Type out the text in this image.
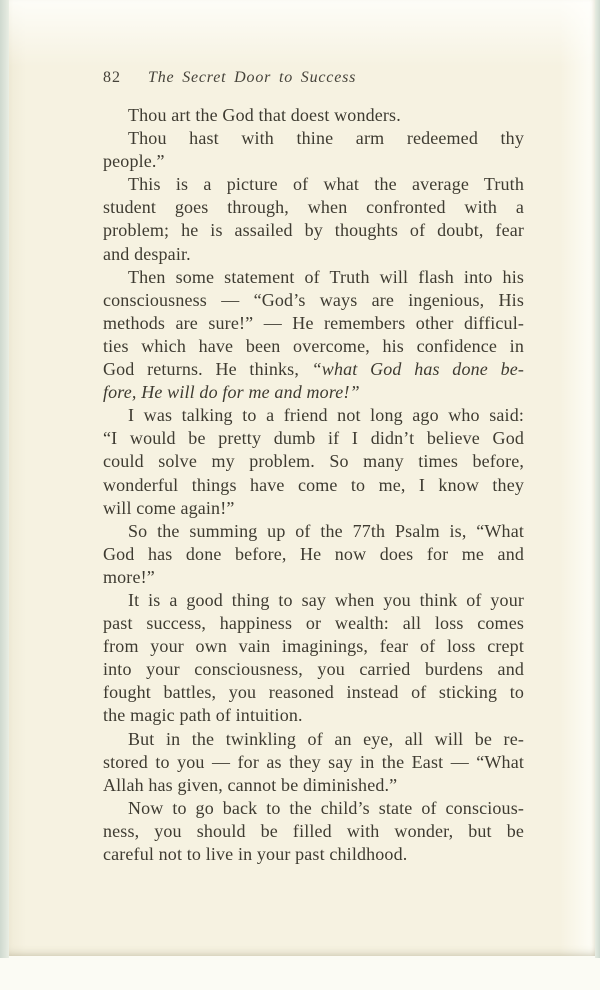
82 The Secret Door to Success
Thou art the God that doest wonders.
Thou hast with thine arm redeemed thy
people.”
This is a picture of what the average Truth
student goes through, when confronted with a
problem; he is assailed by thoughts of doubt, fear
and despair.
Then some statement of Truth will flash into his
consciousness — “God’s ways are ingenious, His
methods are sure!” — He remembers other difficul-
ties which have been overcome, his confidence in
God returns. He thinks, “what God has done be-
fore, He will do for me and more!”
I was talking to a friend not long ago who said:
“I would be pretty dumb if I didn’t believe God
could solve my problem. So many times before,
wonderful things have come to me, I know they
will come again!”
So the summing up of the 77th Psalm is, “What
God has done before, He now does for me and
more!”
It is a good thing to say when you think of your
past success, happiness or wealth: all loss comes
from your own vain imaginings, fear of loss crept
into your consciousness, you carried burdens and
fought battles, you reasoned instead of sticking to
the magic path of intuition.
But in the twinkling of an eye, all will be re-
stored to you — for as they say in the East — “What
Allah has given, cannot be diminished.”
Now to go back to the child’s state of conscious-
ness, you should be filled with wonder, but be
careful not to live in your past childhood.
